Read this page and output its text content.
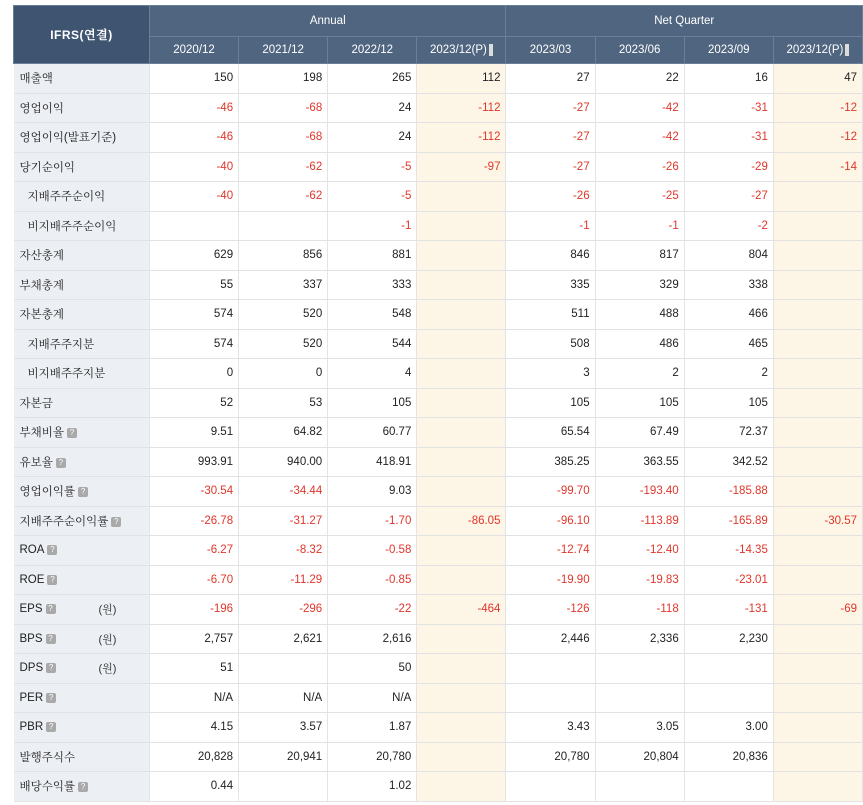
IFRS(연결)	Annual				Net Quarter			
	2020/12	2021/12	2022/12	2023/12(P)	2023/03	2023/06	2023/09	2023/12(P)
매출액	150	198	265	112	27	22	16	47
영업이익	-46	-68	24	-112	-27	-42	-31	-12
영업이익(발표기준)	-46	-68	24	-112	-27	-42	-31	-12
당기순이익	-40	-62	-5	-97	-27	-26	-29	-14
지배주주순이익	-40	-62	-5		-26	-25	-27	
비지배주주순이익			-1		-1	-1	-2	
자산총계	629	856	881		846	817	804	
부채총계	55	337	333		335	329	338	
자본총계	574	520	548		511	488	466	
지배주주지분	574	520	544		508	486	465	
비지배주주지분	0	0	4		3	2	2	
자본금	52	53	105		105	105	105	
부채비율 ?	9.51	64.82	60.77		65.54	67.49	72.37	
유보율 ?	993.91	940.00	418.91		385.25	363.55	342.52	
영업이익률 ?	-30.54	-34.44	9.03		-99.70	-193.40	-185.88	
지배주주순이익률 ?	-26.78	-31.27	-1.70	-86.05	-96.10	-113.89	-165.89	-30.57
ROA ?	-6.27	-8.32	-0.58		-12.74	-12.40	-14.35	
ROE ?	-6.70	-11.29	-0.85		-19.90	-19.83	-23.01	
EPS ? (원)	-196	-296	-22	-464	-126	-118	-131	-69
BPS ? (원)	2,757	2,621	2,616		2,446	2,336	2,230	
DPS ? (원)	51		50					
PER ?	N/A	N/A	N/A					
PBR ?	4.15	3.57	1.87		3.43	3.05	3.00	
발행주식수	20,828	20,941	20,780		20,780	20,804	20,836	
배당수익률 ?	0.44		1.02					
